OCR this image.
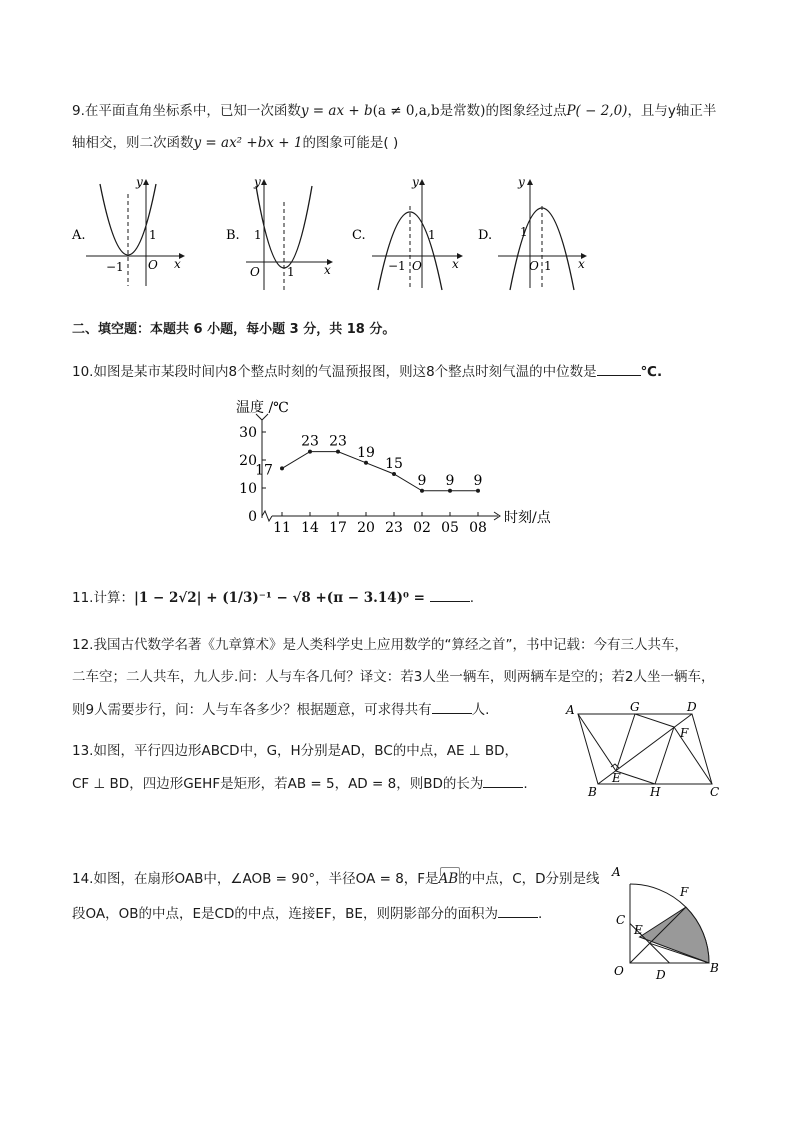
9.在平面直角坐标系中，已知一次函数y = ax + b(a ≠ 0,a,b是常数)的图象经过点P( − 2,0)，且与y轴正半
轴相交，则二次函数y = ax² +bx + 1的图象可能是( )
A.
y
x
O
1
−1
B.
y
x
O
1
1
C.
y
x
O
1
−1
D.
y
x
O
1
1
二、填空题：本题共 6 小题，每小题 3 分，共 18 分。
10.如图是某市某段时间内8个整点时刻的气温预报图，则这8个整点时刻气温的中位数是	℃.
温度 /℃
时刻/点
0
10
20
30
11 14 17 20 23 02 05 08
17
23 23
19
15
9 9 9
11.计算：|1 − 2√2| + (1/3)⁻¹ − √8 +(π − 3.14)⁰ =	.
12.我国古代数学名著《九章算术》是人类科学史上应用数学的“算经之首”，书中记载：今有三人共车，
二车空；二人共车，九人步.问：人与车各几何？译文：若3人坐一辆车，则两辆车是空的；若2人坐一辆车，
则9人需要步行，问：人与车各多少？根据题意，可求得共有	人.
13.如图，平行四边形ABCD中，G，H分别是AD，BC的中点，AE ⊥ BD，
CF ⊥ BD，四边形GEHF是矩形，若AB = 5，AD = 8，则BD的长为	.
A	G	D
F
E
B	H	C
14.如图，在扇形OAB中，∠AOB = 90°，半径OA = 8，F是
AB的中点，C，D分别是线
段OA，OB的中点，E是CD的中点，连接EF，BE，则阴影部分的面积为	.
A
F
C
E
O	D	B
